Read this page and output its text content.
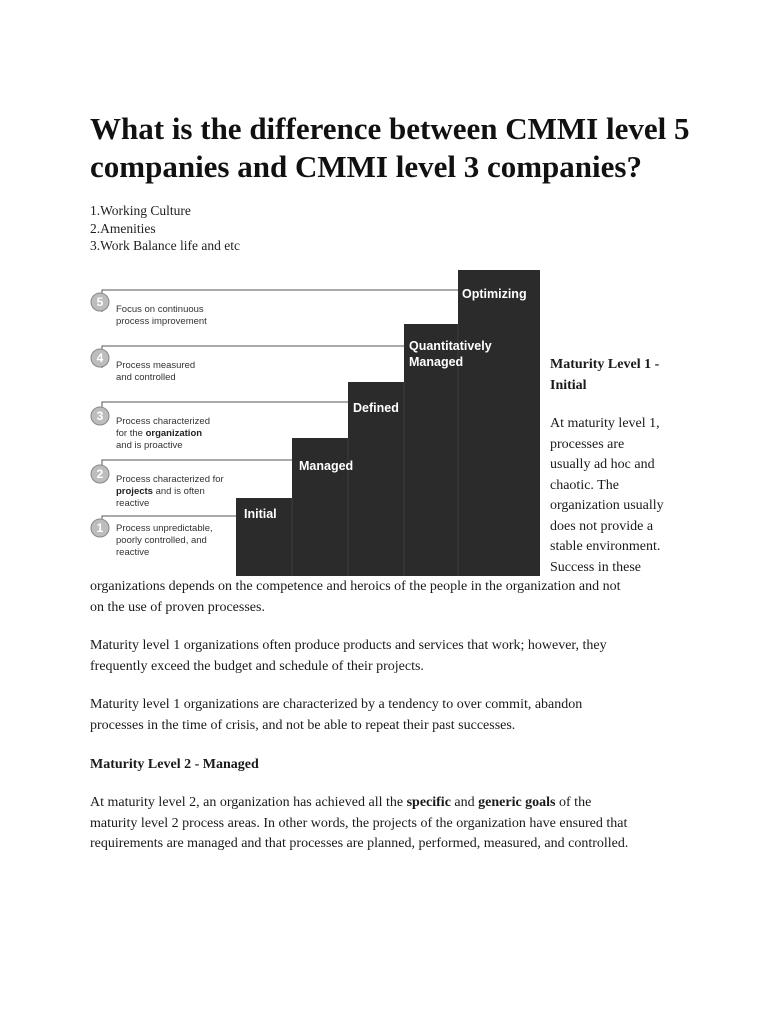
What is the difference between CMMI level 5 companies and CMMI level 3 companies?
1.Working Culture
2.Amenities
3.Work Balance life and etc
5
4
3
2
1
Focus on continuous
process improvement
Process measured
and controlled
Process characterized
for the organization
and is proactive
Process characterized for
projects and is often
reactive
Process unpredictable,
poorly controlled, and
reactive
Optimizing
Quantitatively
Managed
Defined
Managed
Initial

Maturity Level 1 -
Initial

At maturity level 1,
processes are
usually ad hoc and
chaotic. The
organization usually
does not provide a
stable environment.
Success in these

organizations depends on the competence and heroics of the people in the organization and not
on the use of proven processes.

Maturity level 1 organizations often produce products and services that work; however, they
frequently exceed the budget and schedule of their projects.

Maturity level 1 organizations are characterized by a tendency to over commit, abandon
processes in the time of crisis, and not be able to repeat their past successes.

Maturity Level 2 - Managed

At maturity level 2, an organization has achieved all the specific and generic goals of the
maturity level 2 process areas. In other words, the projects of the organization have ensured that
requirements are managed and that processes are planned, performed, measured, and controlled.
